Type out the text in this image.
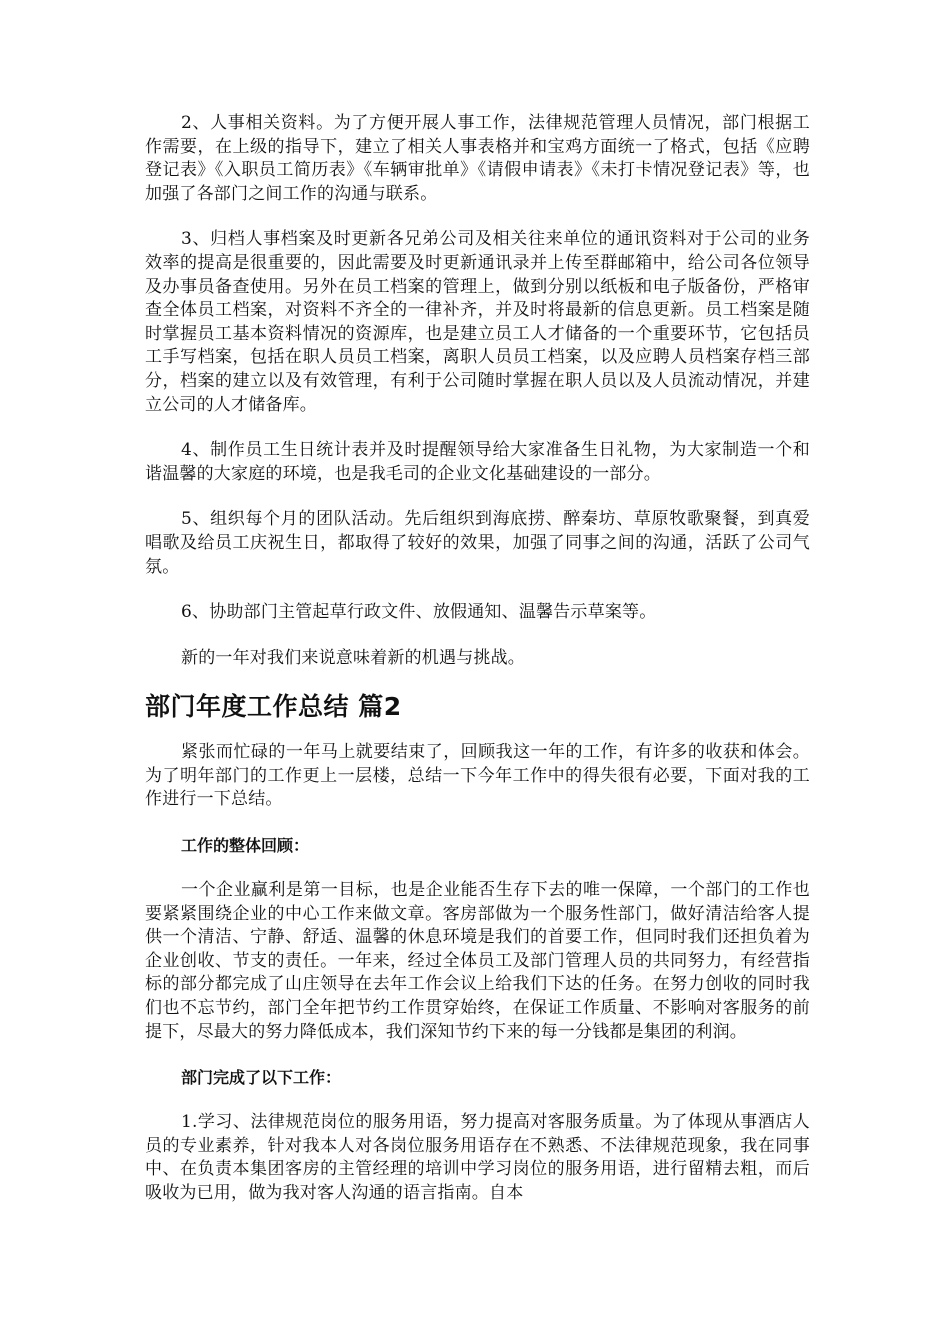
2、人事相关资料。为了方便开展人事工作，法律规范管理人员情况，部门根据工作需要，在上级的指导下，建立了相关人事表格并和宝鸡方面统一了格式，包括《应聘登记表》《入职员工简历表》《车辆审批单》《请假申请表》《未打卡情况登记表》等，也加强了各部门之间工作的沟通与联系。

3、归档人事档案及时更新各兄弟公司及相关往来单位的通讯资料对于公司的业务效率的提高是很重要的，因此需要及时更新通讯录并上传至群邮箱中，给公司各位领导及办事员备查使用。另外在员工档案的管理上，做到分别以纸板和电子版备份，严格审查全体员工档案，对资料不齐全的一律补齐，并及时将最新的信息更新。员工档案是随时掌握员工基本资料情况的资源库，也是建立员工人才储备的一个重要环节，它包括员工手写档案，包括在职人员员工档案，离职人员员工档案，以及应聘人员档案存档三部分，档案的建立以及有效管理，有利于公司随时掌握在职人员以及人员流动情况，并建立公司的人才储备库。

4、制作员工生日统计表并及时提醒领导给大家准备生日礼物，为大家制造一个和谐温馨的大家庭的环境，也是我毛司的企业文化基础建设的一部分。

5、组织每个月的团队活动。先后组织到海底捞、醉秦坊、草原牧歌聚餐，到真爱唱歌及给员工庆祝生日，都取得了较好的效果，加强了同事之间的沟通，活跃了公司气氛。

6、协助部门主管起草行政文件、放假通知、温馨告示草案等。

新的一年对我们来说意味着新的机遇与挑战。

部门年度工作总结 篇2

紧张而忙碌的一年马上就要结束了，回顾我这一年的工作，有许多的收获和体会。为了明年部门的工作更上一层楼，总结一下今年工作中的得失很有必要，下面对我的工作进行一下总结。

工作的整体回顾：

一个企业赢利是第一目标，也是企业能否生存下去的唯一保障，一个部门的工作也要紧紧围绕企业的中心工作来做文章。客房部做为一个服务性部门，做好清洁给客人提供一个清洁、宁静、舒适、温馨的休息环境是我们的首要工作，但同时我们还担负着为企业创收、节支的责任。一年来，经过全体员工及部门管理人员的共同努力，有经营指标的部分都完成了山庄领导在去年工作会议上给我们下达的任务。在努力创收的同时我们也不忘节约，部门全年把节约工作贯穿始终，在保证工作质量、不影响对客服务的前提下，尽最大的努力降低成本，我们深知节约下来的每一分钱都是集团的利润。

部门完成了以下工作：

1.学习、法律规范岗位的服务用语，努力提高对客服务质量。为了体现从事酒店人员的专业素养，针对我本人对各岗位服务用语存在不熟悉、不法律规范现象，我在同事中、在负责本集团客房的主管经理的培训中学习岗位的服务用语，进行留精去粗，而后吸收为已用，做为我对客人沟通的语言指南。自本
